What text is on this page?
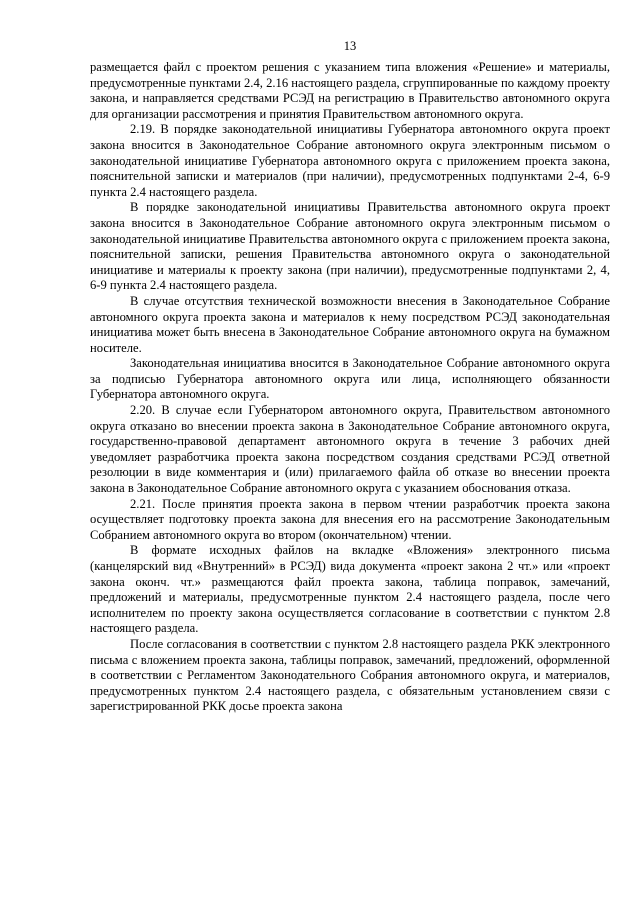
13

размещается файл с проектом решения с указанием типа вложения «Решение» и материалы, предусмотренные пунктами 2.4, 2.16 настоящего раздела, сгруппированные по каждому проекту закона, и направляется средствами РСЭД на регистрацию в Правительство автономного округа для организации рассмотрения и принятия Правительством автономного округа.

2.19. В порядке законодательной инициативы Губернатора автономного округа проект закона вносится в Законодательное Собрание автономного округа электронным письмом о законодательной инициативе Губернатора автономного округа с приложением проекта закона, пояснительной записки и материалов (при наличии), предусмотренных подпунктами 2-4, 6-9 пункта 2.4 настоящего раздела.

В порядке законодательной инициативы Правительства автономного округа проект закона вносится в Законодательное Собрание автономного округа электронным письмом о законодательной инициативе Правительства автономного округа с приложением проекта закона, пояснительной записки, решения Правительства автономного округа о законодательной инициативе и материалы к проекту закона (при наличии), предусмотренные подпунктами 2, 4, 6-9 пункта 2.4 настоящего раздела.

В случае отсутствия технической возможности внесения в Законодательное Собрание автономного округа проекта закона и материалов к нему посредством РСЭД законодательная инициатива может быть внесена в Законодательное Собрание автономного округа на бумажном носителе.

Законодательная инициатива вносится в Законодательное Собрание автономного округа за подписью Губернатора автономного округа или лица, исполняющего обязанности Губернатора автономного округа.

2.20. В случае если Губернатором автономного округа, Правительством автономного округа отказано во внесении проекта закона в Законодательное Собрание автономного округа, государственно-правовой департамент автономного округа в течение 3 рабочих дней уведомляет разработчика проекта закона посредством создания средствами РСЭД ответной резолюции в виде комментария и (или) прилагаемого файла об отказе во внесении проекта закона в Законодательное Собрание автономного округа с указанием обоснования отказа.

2.21. После принятия проекта закона в первом чтении разработчик проекта закона осуществляет подготовку проекта закона для внесения его на рассмотрение Законодательным Собранием автономного округа во втором (окончательном) чтении.

В формате исходных файлов на вкладке «Вложения» электронного письма (канцелярский вид «Внутренний» в РСЭД) вида документа «проект закона 2 чт.» или «проект закона оконч. чт.» размещаются файл проекта закона, таблица поправок, замечаний, предложений и материалы, предусмотренные пунктом 2.4 настоящего раздела, после чего исполнителем по проекту закона осуществляется согласование в соответствии с пунктом 2.8 настоящего раздела.

После согласования в соответствии с пунктом 2.8 настоящего раздела РКК электронного письма с вложением проекта закона, таблицы поправок, замечаний, предложений, оформленной в соответствии с Регламентом Законодательного Собрания автономного округа, и материалов, предусмотренных пунктом 2.4 настоящего раздела, с обязательным установлением связи с зарегистрированной РКК досье проекта закона
